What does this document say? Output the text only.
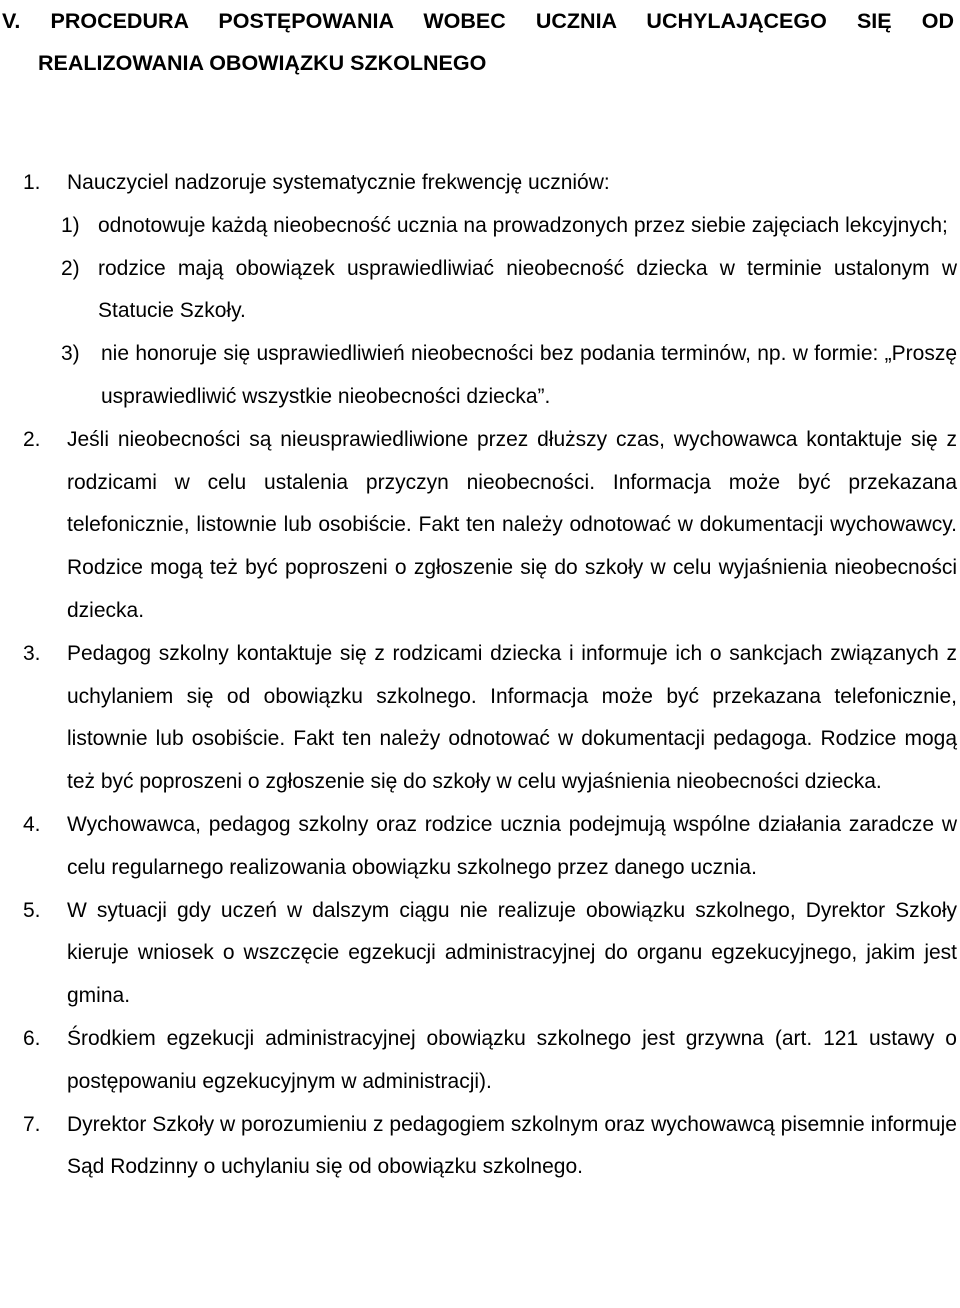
V. PROCEDURA POSTĘPOWANIA WOBEC UCZNIA UCHYLAJĄCEGO SIĘ OD
REALIZOWANIA OBOWIĄZKU SZKOLNEGO
1. Nauczyciel nadzoruje systematycznie frekwencję uczniów:
1) odnotowuje każdą nieobecność ucznia na prowadzonych przez siebie zajęciach lekcyjnych;
2) rodzice mają obowiązek usprawiedliwiać nieobecność dziecka w terminie ustalonym w Statucie Szkoły.
3) nie honoruje się usprawiedliwień nieobecności bez podania terminów, np. w formie: „Proszę usprawiedliwić wszystkie nieobecności dziecka”.
2. Jeśli nieobecności są nieusprawiedliwione przez dłuższy czas, wychowawca kontaktuje się z rodzicami w celu ustalenia przyczyn nieobecności. Informacja może być przekazana telefonicznie, listownie lub osobiście. Fakt ten należy odnotować w dokumentacji wychowawcy. Rodzice mogą też być poproszeni o zgłoszenie się do szkoły w celu wyjaśnienia nieobecności dziecka.
3. Pedagog szkolny kontaktuje się z rodzicami dziecka i informuje ich o sankcjach związanych z uchylaniem się od obowiązku szkolnego. Informacja może być przekazana telefonicznie, listownie lub osobiście. Fakt ten należy odnotować w dokumentacji pedagoga. Rodzice mogą też być poproszeni o zgłoszenie się do szkoły w celu wyjaśnienia nieobecności dziecka.
4. Wychowawca, pedagog szkolny oraz rodzice ucznia podejmują wspólne działania zaradcze w celu regularnego realizowania obowiązku szkolnego przez danego ucznia.
5. W sytuacji gdy uczeń w dalszym ciągu nie realizuje obowiązku szkolnego, Dyrektor Szkoły kieruje wniosek o wszczęcie egzekucji administracyjnej do organu egzekucyjnego, jakim jest gmina.
6. Środkiem egzekucji administracyjnej obowiązku szkolnego jest grzywna (art. 121 ustawy o postępowaniu egzekucyjnym w administracji).
7. Dyrektor Szkoły w porozumieniu z pedagogiem szkolnym oraz wychowawcą pisemnie informuje Sąd Rodzinny o uchylaniu się od obowiązku szkolnego.
